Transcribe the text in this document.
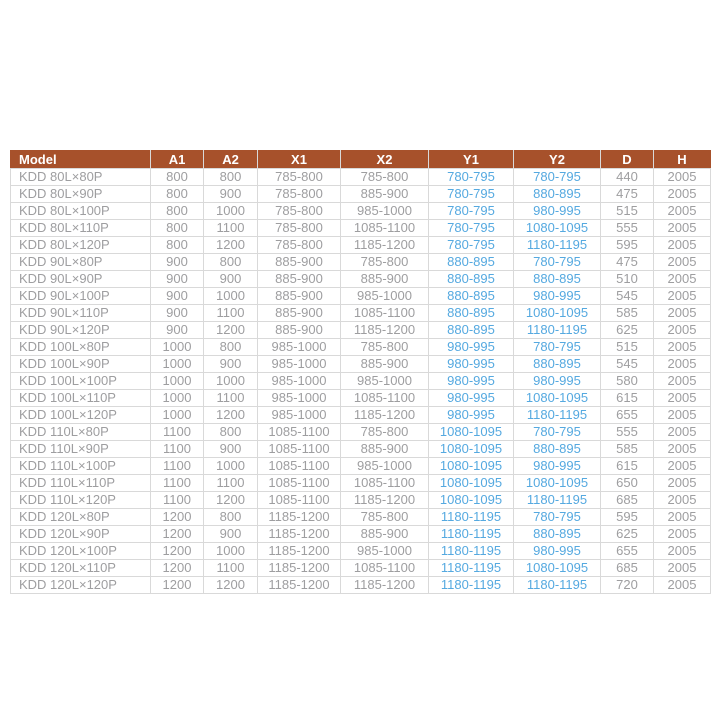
Model	A1	A2	X1	X2	Y1	Y2	D	H
KDD 80L×80P	800	800	785-800	785-800	780-795	780-795	440	2005
KDD 80L×90P	800	900	785-800	885-900	780-795	880-895	475	2005
KDD 80L×100P	800	1000	785-800	985-1000	780-795	980-995	515	2005
KDD 80L×110P	800	1100	785-800	1085-1100	780-795	1080-1095	555	2005
KDD 80L×120P	800	1200	785-800	1185-1200	780-795	1180-1195	595	2005
KDD 90L×80P	900	800	885-900	785-800	880-895	780-795	475	2005
KDD 90L×90P	900	900	885-900	885-900	880-895	880-895	510	2005
KDD 90L×100P	900	1000	885-900	985-1000	880-895	980-995	545	2005
KDD 90L×110P	900	1100	885-900	1085-1100	880-895	1080-1095	585	2005
KDD 90L×120P	900	1200	885-900	1185-1200	880-895	1180-1195	625	2005
KDD 100L×80P	1000	800	985-1000	785-800	980-995	780-795	515	2005
KDD 100L×90P	1000	900	985-1000	885-900	980-995	880-895	545	2005
KDD 100L×100P	1000	1000	985-1000	985-1000	980-995	980-995	580	2005
KDD 100L×110P	1000	1100	985-1000	1085-1100	980-995	1080-1095	615	2005
KDD 100L×120P	1000	1200	985-1000	1185-1200	980-995	1180-1195	655	2005
KDD 110L×80P	1100	800	1085-1100	785-800	1080-1095	780-795	555	2005
KDD 110L×90P	1100	900	1085-1100	885-900	1080-1095	880-895	585	2005
KDD 110L×100P	1100	1000	1085-1100	985-1000	1080-1095	980-995	615	2005
KDD 110L×110P	1100	1100	1085-1100	1085-1100	1080-1095	1080-1095	650	2005
KDD 110L×120P	1100	1200	1085-1100	1185-1200	1080-1095	1180-1195	685	2005
KDD 120L×80P	1200	800	1185-1200	785-800	1180-1195	780-795	595	2005
KDD 120L×90P	1200	900	1185-1200	885-900	1180-1195	880-895	625	2005
KDD 120L×100P	1200	1000	1185-1200	985-1000	1180-1195	980-995	655	2005
KDD 120L×110P	1200	1100	1185-1200	1085-1100	1180-1195	1080-1095	685	2005
KDD 120L×120P	1200	1200	1185-1200	1185-1200	1180-1195	1180-1195	720	2005
